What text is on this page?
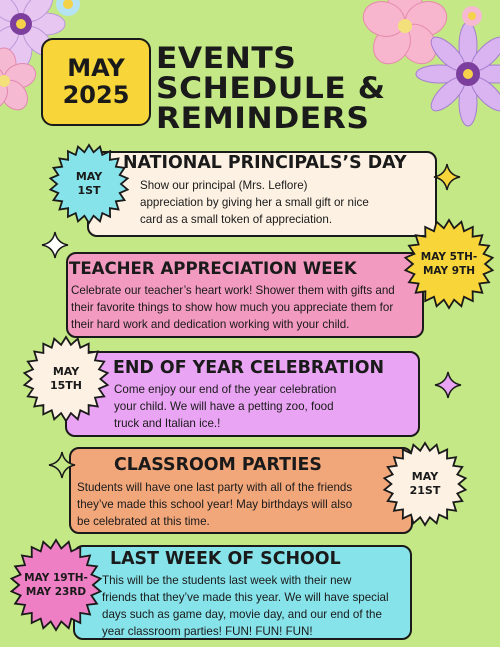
MAY
2025
EVENTS
SCHEDULE &
REMINDERS
NATIONAL PRINCIPALS’S DAY
Show our principal (Mrs. Leflore)
appreciation by giving her a small gift or nice
card as a small token of appreciation.
TEACHER APPRECIATION WEEK
Celebrate our teacher’s heart work! Shower them with gifts and
their favorite things to show how much you appreciate them for
their hard work and dedication working with your child.
END OF YEAR CELEBRATION
Come enjoy our end of the year celebration
your child. We will have a petting zoo, food
truck and Italian ice.!
CLASSROOM PARTIES
Students will have one last party with all of the friends
they’ve made this school year! May birthdays will also
be celebrated at this time.
LAST WEEK OF SCHOOL
This will be the students last week with their new
friends that they’ve made this year. We will have special
days such as game day, movie day, and our end of the
year classroom parties! FUN! FUN! FUN!
MAY
1ST
MAY 5TH-
MAY 9TH
MAY
15TH
MAY
21ST
MAY 19TH-
MAY 23RD
